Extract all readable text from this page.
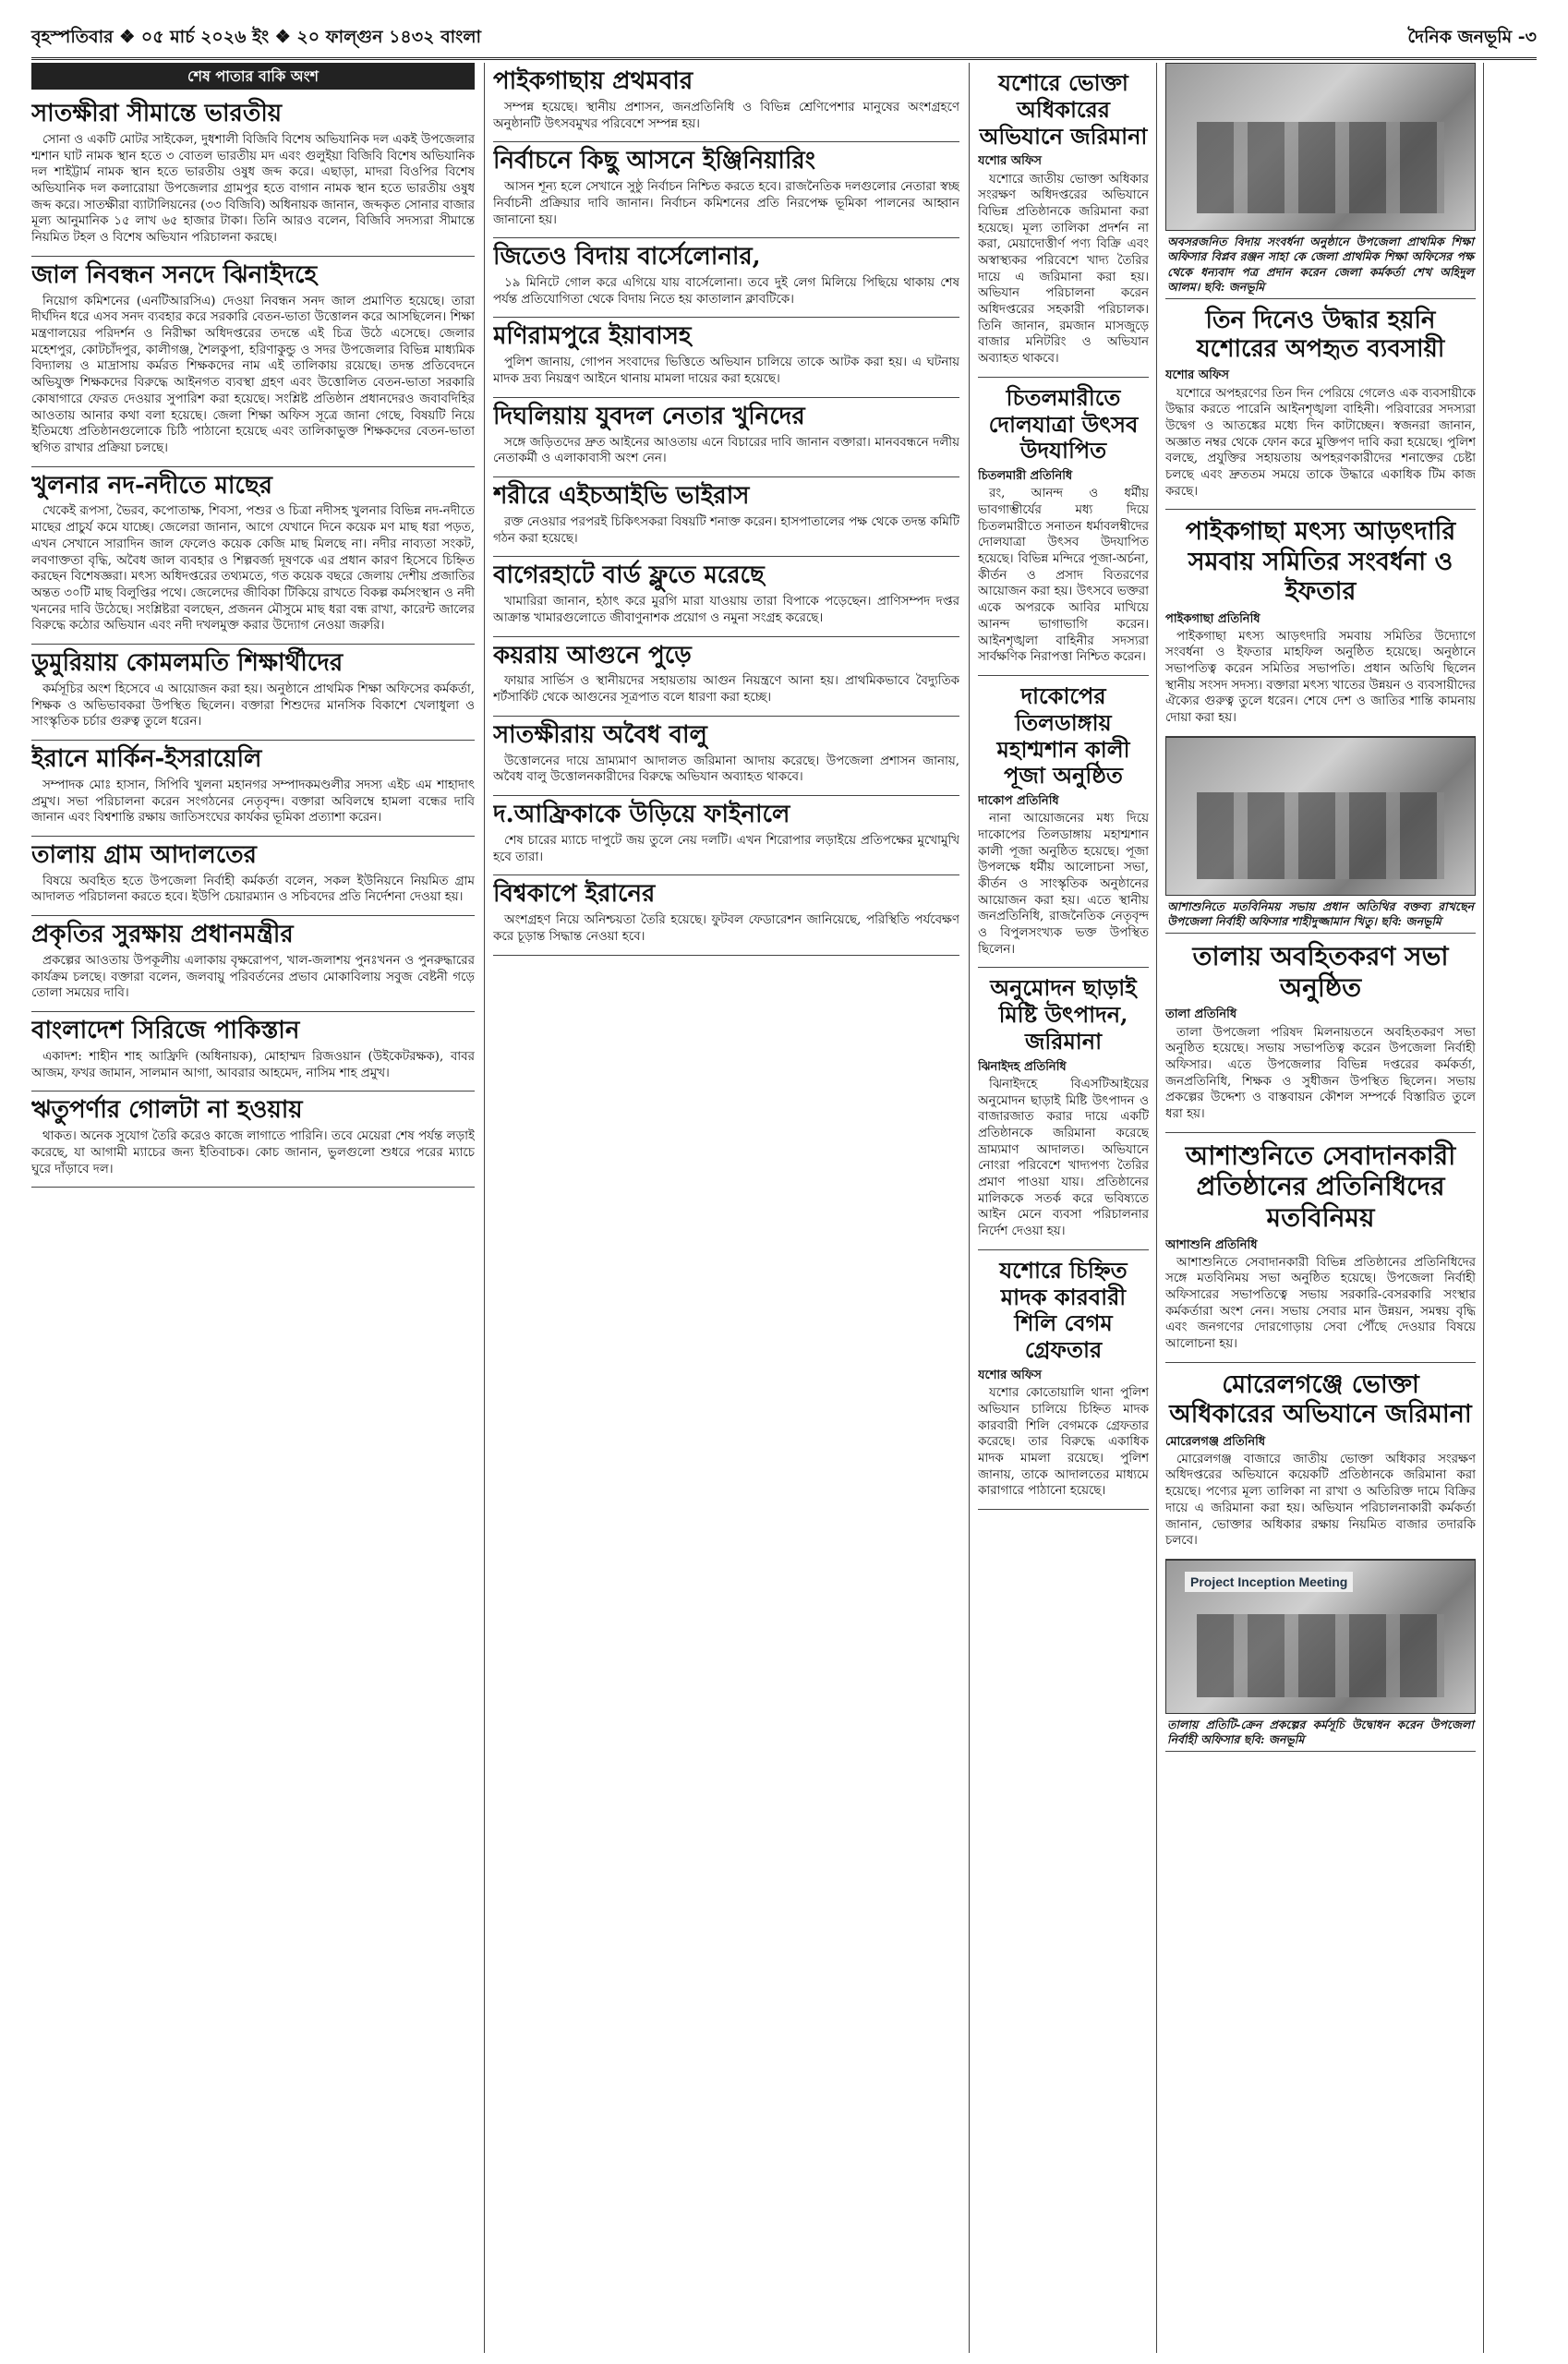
বৃহস্পতিবার ❖ ০৫ মার্চ ২০২৬ ইং ❖ ২০ ফাল্গুন ১৪৩২ বাংলা	দৈনিক জনভূমি -৩
শেষ পাতার বাকি অংশ
সাতক্ষীরা সীমান্তে ভারতীয়

সোনা ও একটি মোটর সাইকেল, দুধশালী বিজিবি বিশেষ অভিযানিক দল একই উপজেলার শ্মশান ঘাট নামক স্থান হতে ৩ বোতল ভারতীয় মদ এবং গুলুইয়া বিজিবি বিশেষ অভিযানিক দল শাইট্টার্ম নামক স্থান হতে ভারতীয় ওষুধ জব্দ করে। এছাড়া, মাদরা বিওপির বিশেষ অভিযানিক দল কলারোয়া উপজেলার গ্রামপুর হতে বাগান নামক স্থান হতে ভারতীয় ওষুধ জব্দ করে। সাতক্ষীরা ব্যাটালিয়নের (৩৩ বিজিবি) অধিনায়ক জানান, জব্দকৃত সোনার বাজার মূল্য আনুমানিক ১৫ লাখ ৬৫ হাজার টাকা। তিনি আরও বলেন, বিজিবি সদস্যরা সীমান্তে নিয়মিত টহল ও বিশেষ অভিযান পরিচালনা করছে।

জাল নিবন্ধন সনদে ঝিনাইদহে

নিয়োগ কমিশনের (এনটিআরসিএ) দেওয়া নিবন্ধন সনদ জাল প্রমাণিত হয়েছে। তারা দীর্ঘদিন ধরে এসব সনদ ব্যবহার করে সরকারি বেতন-ভাতা উত্তোলন করে আসছিলেন। শিক্ষা মন্ত্রণালয়ের পরিদর্শন ও নিরীক্ষা অধিদপ্তরের তদন্তে এই চিত্র উঠে এসেছে। জেলার মহেশপুর, কোটচাঁদপুর, কালীগঞ্জ, শৈলকুপা, হরিণাকুন্ডু ও সদর উপজেলার বিভিন্ন মাধ্যমিক বিদ্যালয় ও মাদ্রাসায় কর্মরত শিক্ষকদের নাম এই তালিকায় রয়েছে। তদন্ত প্রতিবেদনে অভিযুক্ত শিক্ষকদের বিরুদ্ধে আইনগত ব্যবস্থা গ্রহণ এবং উত্তোলিত বেতন-ভাতা সরকারি কোষাগারে ফেরত দেওয়ার সুপারিশ করা হয়েছে। সংশ্লিষ্ট প্রতিষ্ঠান প্রধানদেরও জবাবদিহির আওতায় আনার কথা বলা হয়েছে। জেলা শিক্ষা অফিস সূত্রে জানা গেছে, বিষয়টি নিয়ে ইতিমধ্যে প্রতিষ্ঠানগুলোকে চিঠি পাঠানো হয়েছে এবং তালিকাভুক্ত শিক্ষকদের বেতন-ভাতা স্থগিত রাখার প্রক্রিয়া চলছে।

খুলনার নদ-নদীতে মাছের

খেকেই রূপসা, ভৈরব, কপোতাক্ষ, শিবসা, পশুর ও চিত্রা নদীসহ খুলনার বিভিন্ন নদ-নদীতে মাছের প্রাচুর্য কমে যাচ্ছে। জেলেরা জানান, আগে যেখানে দিনে কয়েক মণ মাছ ধরা পড়ত, এখন সেখানে সারাদিন জাল ফেলেও কয়েক কেজি মাছ মিলছে না। নদীর নাব্যতা সংকট, লবণাক্ততা বৃদ্ধি, অবৈধ জাল ব্যবহার ও শিল্পবর্জ্য দূষণকে এর প্রধান কারণ হিসেবে চিহ্নিত করছেন বিশেষজ্ঞরা। মৎস্য অধিদপ্তরের তথ্যমতে, গত কয়েক বছরে জেলায় দেশীয় প্রজাতির অন্তত ৩০টি মাছ বিলুপ্তির পথে। জেলেদের জীবিকা টিকিয়ে রাখতে বিকল্প কর্মসংস্থান ও নদী খননের দাবি উঠেছে। সংশ্লিষ্টরা বলছেন, প্রজনন মৌসুমে মাছ ধরা বন্ধ রাখা, কারেন্ট জালের বিরুদ্ধে কঠোর অভিযান এবং নদী দখলমুক্ত করার উদ্যোগ নেওয়া জরুরি।

ডুমুরিয়ায় কোমলমতি শিক্ষার্থীদের

কর্মসূচির অংশ হিসেবে এ আয়োজন করা হয়। অনুষ্ঠানে প্রাথমিক শিক্ষা অফিসের কর্মকর্তা, শিক্ষক ও অভিভাবকরা উপস্থিত ছিলেন। বক্তারা শিশুদের মানসিক বিকাশে খেলাধুলা ও সাংস্কৃতিক চর্চার গুরুত্ব তুলে ধরেন।

ইরানে মার্কিন-ইসরায়েলি

সম্পাদক মোঃ হাসান, সিপিবি খুলনা মহানগর সম্পাদকমণ্ডলীর সদস্য এইচ এম শাহাদাৎ প্রমুখ। সভা পরিচালনা করেন সংগঠনের নেতৃবৃন্দ। বক্তারা অবিলম্বে হামলা বন্ধের দাবি জানান এবং বিশ্বশান্তি রক্ষায় জাতিসংঘের কার্যকর ভূমিকা প্রত্যাশা করেন।

তালায় গ্রাম আদালতের

বিষয়ে অবহিত হতে উপজেলা নির্বাহী কর্মকর্তা বলেন, সকল ইউনিয়নে নিয়মিত গ্রাম আদালত পরিচালনা করতে হবে। ইউপি চেয়ারম্যান ও সচিবদের প্রতি নির্দেশনা দেওয়া হয়।

প্রকৃতির সুরক্ষায় প্রধানমন্ত্রীর

প্রকল্পের আওতায় উপকূলীয় এলাকায় বৃক্ষরোপণ, খাল-জলাশয় পুনঃখনন ও পুনরুদ্ধারের কার্যক্রম চলছে। বক্তারা বলেন, জলবায়ু পরিবর্তনের প্রভাব মোকাবিলায় সবুজ বেষ্টনী গড়ে তোলা সময়ের দাবি।

বাংলাদেশ সিরিজে পাকিস্তান

একাদশ: শাহীন শাহ আফ্রিদি (অধিনায়ক), মোহাম্মদ রিজওয়ান (উইকেটরক্ষক), বাবর আজম, ফখর জামান, সালমান আগা, আবরার আহমেদ, নাসিম শাহ প্রমুখ।

ঋতুপর্ণার গোলটা না হওয়ায়

থাকত। অনেক সুযোগ তৈরি করেও কাজে লাগাতে পারিনি। তবে মেয়েরা শেষ পর্যন্ত লড়াই করেছে, যা আগামী ম্যাচের জন্য ইতিবাচক। কোচ জানান, ভুলগুলো শুধরে পরের ম্যাচে ঘুরে দাঁড়াবে দল।

পাইকগাছায় প্রথমবার

সম্পন্ন হয়েছে। স্থানীয় প্রশাসন, জনপ্রতিনিধি ও বিভিন্ন শ্রেণিপেশার মানুষের অংশগ্রহণে অনুষ্ঠানটি উৎসবমুখর পরিবেশে সম্পন্ন হয়।

নির্বাচনে কিছু আসনে ইঞ্জিনিয়ারিং

আসন শূন্য হলে সেখানে সুষ্ঠু নির্বাচন নিশ্চিত করতে হবে। রাজনৈতিক দলগুলোর নেতারা স্বচ্ছ নির্বাচনী প্রক্রিয়ার দাবি জানান। নির্বাচন কমিশনের প্রতি নিরপেক্ষ ভূমিকা পালনের আহ্বান জানানো হয়।

জিতেও বিদায় বার্সেলোনার,

১৯ মিনিটে গোল করে এগিয়ে যায় বার্সেলোনা। তবে দুই লেগ মিলিয়ে পিছিয়ে থাকায় শেষ পর্যন্ত প্রতিযোগিতা থেকে বিদায় নিতে হয় কাতালান ক্লাবটিকে।

মণিরামপুরে ইয়াবাসহ

পুলিশ জানায়, গোপন সংবাদের ভিত্তিতে অভিযান চালিয়ে তাকে আটক করা হয়। এ ঘটনায় মাদক দ্রব্য নিয়ন্ত্রণ আইনে থানায় মামলা দায়ের করা হয়েছে।

দিঘলিয়ায় যুবদল নেতার খুনিদের

সঙ্গে জড়িতদের দ্রুত আইনের আওতায় এনে বিচারের দাবি জানান বক্তারা। মানববন্ধনে দলীয় নেতাকর্মী ও এলাকাবাসী অংশ নেন।

শরীরে এইচআইভি ভাইরাস

রক্ত নেওয়ার পরপরই চিকিৎসকরা বিষয়টি শনাক্ত করেন। হাসপাতালের পক্ষ থেকে তদন্ত কমিটি গঠন করা হয়েছে।

বাগেরহাটে বার্ড ফ্লুতে মরেছে

খামারিরা জানান, হঠাৎ করে মুরগি মারা যাওয়ায় তারা বিপাকে পড়েছেন। প্রাণিসম্পদ দপ্তর আক্রান্ত খামারগুলোতে জীবাণুনাশক প্রয়োগ ও নমুনা সংগ্রহ করেছে।

কয়রায় আগুনে পুড়ে

ফায়ার সার্ভিস ও স্থানীয়দের সহায়তায় আগুন নিয়ন্ত্রণে আনা হয়। প্রাথমিকভাবে বৈদ্যুতিক শর্টসার্কিট থেকে আগুনের সূত্রপাত বলে ধারণা করা হচ্ছে।

সাতক্ষীরায় অবৈধ বালু

উত্তোলনের দায়ে ভ্রাম্যমাণ আদালত জরিমানা আদায় করেছে। উপজেলা প্রশাসন জানায়, অবৈধ বালু উত্তোলনকারীদের বিরুদ্ধে অভিযান অব্যাহত থাকবে।

দ.আফ্রিকাকে উড়িয়ে ফাইনালে

শেষ চারের ম্যাচে দাপুটে জয় তুলে নেয় দলটি। এখন শিরোপার লড়াইয়ে প্রতিপক্ষের মুখোমুখি হবে তারা।

বিশ্বকাপে ইরানের

অংশগ্রহণ নিয়ে অনিশ্চয়তা তৈরি হয়েছে। ফুটবল ফেডারেশন জানিয়েছে, পরিস্থিতি পর্যবেক্ষণ করে চূড়ান্ত সিদ্ধান্ত নেওয়া হবে।

যশোরে ভোক্তা অধিকারের অভিযানে জরিমানা
যশোর অফিস

যশোরে জাতীয় ভোক্তা অধিকার সংরক্ষণ অধিদপ্তরের অভিযানে বিভিন্ন প্রতিষ্ঠানকে জরিমানা করা হয়েছে। মূল্য তালিকা প্রদর্শন না করা, মেয়াদোত্তীর্ণ পণ্য বিক্রি এবং অস্বাস্থ্যকর পরিবেশে খাদ্য তৈরির দায়ে এ জরিমানা করা হয়। অভিযান পরিচালনা করেন অধিদপ্তরের সহকারী পরিচালক। তিনি জানান, রমজান মাসজুড়ে বাজার মনিটরিং ও অভিযান অব্যাহত থাকবে।

চিতলমারীতে দোলযাত্রা উৎসব উদযাপিত
চিতলমারী প্রতিনিধি

রং, আনন্দ ও ধর্মীয় ভাবগাম্ভীর্যের মধ্য দিয়ে চিতলমারীতে সনাতন ধর্মাবলম্বীদের দোলযাত্রা উৎসব উদযাপিত হয়েছে। বিভিন্ন মন্দিরে পূজা-অর্চনা, কীর্তন ও প্রসাদ বিতরণের আয়োজন করা হয়। উৎসবে ভক্তরা একে অপরকে আবির মাখিয়ে আনন্দ ভাগাভাগি করেন। আইনশৃঙ্খলা বাহিনীর সদস্যরা সার্বক্ষণিক নিরাপত্তা নিশ্চিত করেন।

দাকোপের তিলডাঙ্গায় মহাশ্মশান কালী পূজা অনুষ্ঠিত
দাকোপ প্রতিনিধি

নানা আয়োজনের মধ্য দিয়ে দাকোপের তিলডাঙ্গায় মহাশ্মশান কালী পূজা অনুষ্ঠিত হয়েছে। পূজা উপলক্ষে ধর্মীয় আলোচনা সভা, কীর্তন ও সাংস্কৃতিক অনুষ্ঠানের আয়োজন করা হয়। এতে স্থানীয় জনপ্রতিনিধি, রাজনৈতিক নেতৃবৃন্দ ও বিপুলসংখ্যক ভক্ত উপস্থিত ছিলেন।

অনুমোদন ছাড়াই মিষ্টি উৎপাদন, জরিমানা
ঝিনাইদহ প্রতিনিধি

ঝিনাইদহে বিএসটিআইয়ের অনুমোদন ছাড়াই মিষ্টি উৎপাদন ও বাজারজাত করার দায়ে একটি প্রতিষ্ঠানকে জরিমানা করেছে ভ্রাম্যমাণ আদালত। অভিযানে নোংরা পরিবেশে খাদ্যপণ্য তৈরির প্রমাণ পাওয়া যায়। প্রতিষ্ঠানের মালিককে সতর্ক করে ভবিষ্যতে আইন মেনে ব্যবসা পরিচালনার নির্দেশ দেওয়া হয়।

যশোরে চিহ্নিত মাদক কারবারী শিলি বেগম গ্রেফতার
যশোর অফিস

যশোর কোতোয়ালি থানা পুলিশ অভিযান চালিয়ে চিহ্নিত মাদক কারবারী শিলি বেগমকে গ্রেফতার করেছে। তার বিরুদ্ধে একাধিক মাদক মামলা রয়েছে। পুলিশ জানায়, তাকে আদালতের মাধ্যমে কারাগারে পাঠানো হয়েছে।

অবসরজনিত বিদায় সংবর্ধনা অনুষ্ঠানে উপজেলা প্রাথমিক শিক্ষা অফিসার বিপ্লব রঞ্জন সাহা কে জেলা প্রাথমিক শিক্ষা অফিসের পক্ষ থেকে ধন্যবাদ পত্র প্রদান করেন জেলা কর্মকর্তা শেখ অহিদুল আলম। ছবি: জনভূমি
তিন দিনেও উদ্ধার হয়নি যশোরের অপহৃত ব্যবসায়ী
যশোর অফিস

যশোরে অপহরণের তিন দিন পেরিয়ে গেলেও এক ব্যবসায়ীকে উদ্ধার করতে পারেনি আইনশৃঙ্খলা বাহিনী। পরিবারের সদস্যরা উদ্বেগ ও আতঙ্কের মধ্যে দিন কাটাচ্ছেন। স্বজনরা জানান, অজ্ঞাত নম্বর থেকে ফোন করে মুক্তিপণ দাবি করা হয়েছে। পুলিশ বলছে, প্রযুক্তির সহায়তায় অপহরণকারীদের শনাক্তের চেষ্টা চলছে এবং দ্রুততম সময়ে তাকে উদ্ধারে একাধিক টিম কাজ করছে।

পাইকগাছা মৎস্য আড়ৎদারি সমবায় সমিতির সংবর্ধনা ও ইফতার
পাইকগাছা প্রতিনিধি

পাইকগাছা মৎস্য আড়ৎদারি সমবায় সমিতির উদ্যোগে সংবর্ধনা ও ইফতার মাহফিল অনুষ্ঠিত হয়েছে। অনুষ্ঠানে সভাপতিত্ব করেন সমিতির সভাপতি। প্রধান অতিথি ছিলেন স্থানীয় সংসদ সদস্য। বক্তারা মৎস্য খাতের উন্নয়ন ও ব্যবসায়ীদের ঐক্যের গুরুত্ব তুলে ধরেন। শেষে দেশ ও জাতির শান্তি কামনায় দোয়া করা হয়।

আশাশুনিতে মতবিনিময় সভায় প্রধান অতিথির বক্তব্য রাখছেন উপজেলা নির্বাহী অফিসার শাহীদুজ্জামান খিতু। ছবি: জনভূমি
তালায় অবহিতকরণ সভা অনুষ্ঠিত
তালা প্রতিনিধি

তালা উপজেলা পরিষদ মিলনায়তনে অবহিতকরণ সভা অনুষ্ঠিত হয়েছে। সভায় সভাপতিত্ব করেন উপজেলা নির্বাহী অফিসার। এতে উপজেলার বিভিন্ন দপ্তরের কর্মকর্তা, জনপ্রতিনিধি, শিক্ষক ও সুধীজন উপস্থিত ছিলেন। সভায় প্রকল্পের উদ্দেশ্য ও বাস্তবায়ন কৌশল সম্পর্কে বিস্তারিত তুলে ধরা হয়।

আশাশুনিতে সেবাদানকারী প্রতিষ্ঠানের প্রতিনিধিদের মতবিনিময়
আশাশুনি প্রতিনিধি

আশাশুনিতে সেবাদানকারী বিভিন্ন প্রতিষ্ঠানের প্রতিনিধিদের সঙ্গে মতবিনিময় সভা অনুষ্ঠিত হয়েছে। উপজেলা নির্বাহী অফিসারের সভাপতিত্বে সভায় সরকারি-বেসরকারি সংস্থার কর্মকর্তারা অংশ নেন। সভায় সেবার মান উন্নয়ন, সমন্বয় বৃদ্ধি এবং জনগণের দোরগোড়ায় সেবা পৌঁছে দেওয়ার বিষয়ে আলোচনা হয়।

মোরেলগঞ্জে ভোক্তা অধিকারের অভিযানে জরিমানা
মোরেলগঞ্জ প্রতিনিধি

মোরেলগঞ্জ বাজারে জাতীয় ভোক্তা অধিকার সংরক্ষণ অধিদপ্তরের অভিযানে কয়েকটি প্রতিষ্ঠানকে জরিমানা করা হয়েছে। পণ্যের মূল্য তালিকা না রাখা ও অতিরিক্ত দামে বিক্রির দায়ে এ জরিমানা করা হয়। অভিযান পরিচালনাকারী কর্মকর্তা জানান, ভোক্তার অধিকার রক্ষায় নিয়মিত বাজার তদারকি চলবে।

Project Inception Meeting
তালায় প্রতিটি-ক্রেন প্রকল্পের কর্মসূচি উদ্বোধন করেন উপজেলা নির্বাহী অফিসার ছবি: জনভূমি
